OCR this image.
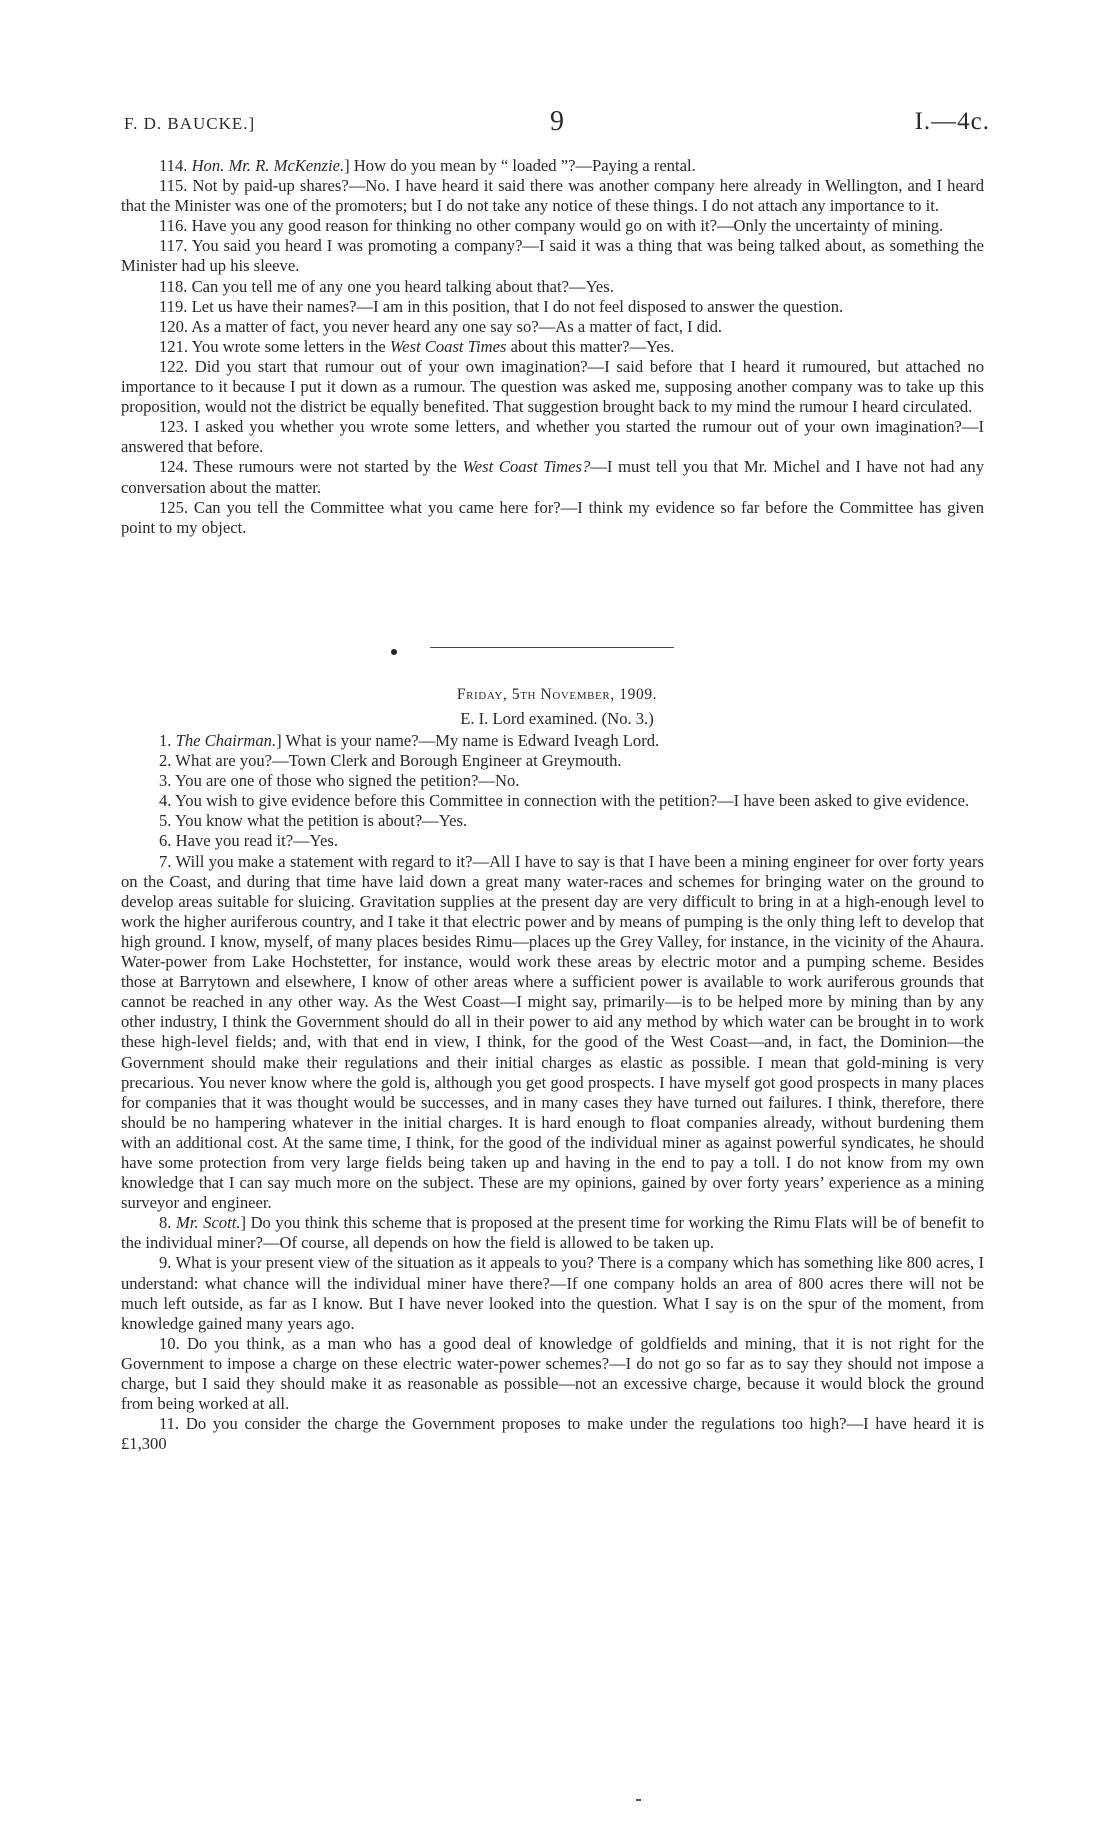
F. D. BAUCKE.]	9	I.—4c.

114. Hon. Mr. R. McKenzie.] How do you mean by “ loaded ”?—Paying a rental.

115. Not by paid-up shares?—No. I have heard it said there was another company here already in Wellington, and I heard that the Minister was one of the promoters; but I do not take any notice of these things. I do not attach any importance to it.

116. Have you any good reason for thinking no other company would go on with it?—Only the uncertainty of mining.

117. You said you heard I was promoting a company?—I said it was a thing that was being talked about, as something the Minister had up his sleeve.

118. Can you tell me of any one you heard talking about that?—Yes.

119. Let us have their names?—I am in this position, that I do not feel disposed to answer the question.

120. As a matter of fact, you never heard any one say so?—As a matter of fact, I did.

121. You wrote some letters in the West Coast Times about this matter?—Yes.

122. Did you start that rumour out of your own imagination?—I said before that I heard it rumoured, but attached no importance to it because I put it down as a rumour. The question was asked me, supposing another company was to take up this proposition, would not the district be equally benefited. That suggestion brought back to my mind the rumour I heard circulated.

123. I asked you whether you wrote some letters, and whether you started the rumour out of your own imagination?—I answered that before.

124. These rumours were not started by the West Coast Times?—I must tell you that Mr. Michel and I have not had any conversation about the matter.

125. Can you tell the Committee what you came here for?—I think my evidence so far before the Committee has given point to my object.

Friday, 5th November, 1909.
E. I. Lord examined. (No. 3.)

1. The Chairman.] What is your name?—My name is Edward Iveagh Lord.

2. What are you?—Town Clerk and Borough Engineer at Greymouth.

3. You are one of those who signed the petition?—No.

4. You wish to give evidence before this Committee in connection with the petition?—I have been asked to give evidence.

5. You know what the petition is about?—Yes.

6. Have you read it?—Yes.

7. Will you make a statement with regard to it?—All I have to say is that I have been a mining engineer for over forty years on the Coast, and during that time have laid down a great many water-races and schemes for bringing water on the ground to develop areas suitable for sluicing. Gravitation supplies at the present day are very difficult to bring in at a high-enough level to work the higher auriferous country, and I take it that electric power and by means of pumping is the only thing left to develop that high ground. I know, myself, of many places besides Rimu—places up the Grey Valley, for instance, in the vicinity of the Ahaura. Water-power from Lake Hochstetter, for instance, would work these areas by electric motor and a pumping scheme. Besides those at Barrytown and elsewhere, I know of other areas where a sufficient power is available to work auriferous grounds that cannot be reached in any other way. As the West Coast—I might say, primarily—is to be helped more by mining than by any other industry, I think the Government should do all in their power to aid any method by which water can be brought in to work these high-level fields; and, with that end in view, I think, for the good of the West Coast—and, in fact, the Dominion—the Government should make their regulations and their initial charges as elastic as possible. I mean that gold-mining is very precarious. You never know where the gold is, although you get good prospects. I have myself got good prospects in many places for companies that it was thought would be successes, and in many cases they have turned out failures. I think, therefore, there should be no hampering whatever in the initial charges. It is hard enough to float companies already, without burdening them with an additional cost. At the same time, I think, for the good of the individual miner as against powerful syndicates, he should have some protection from very large fields being taken up and having in the end to pay a toll. I do not know from my own knowledge that I can say much more on the subject. These are my opinions, gained by over forty years’ experience as a mining surveyor and engineer.

8. Mr. Scott.] Do you think this scheme that is proposed at the present time for working the Rimu Flats will be of benefit to the individual miner?—Of course, all depends on how the field is allowed to be taken up.

9. What is your present view of the situation as it appeals to you? There is a company which has something like 800 acres, I understand: what chance will the individual miner have there?—If one company holds an area of 800 acres there will not be much left outside, as far as I know. But I have never looked into the question. What I say is on the spur of the moment, from knowledge gained many years ago.

10. Do you think, as a man who has a good deal of knowledge of goldfields and mining, that it is not right for the Government to impose a charge on these electric water-power schemes?—I do not go so far as to say they should not impose a charge, but I said they should make it as reasonable as possible—not an excessive charge, because it would block the ground from being worked at all.

11. Do you consider the charge the Government proposes to make under the regulations too high?—I have heard it is £1,300
